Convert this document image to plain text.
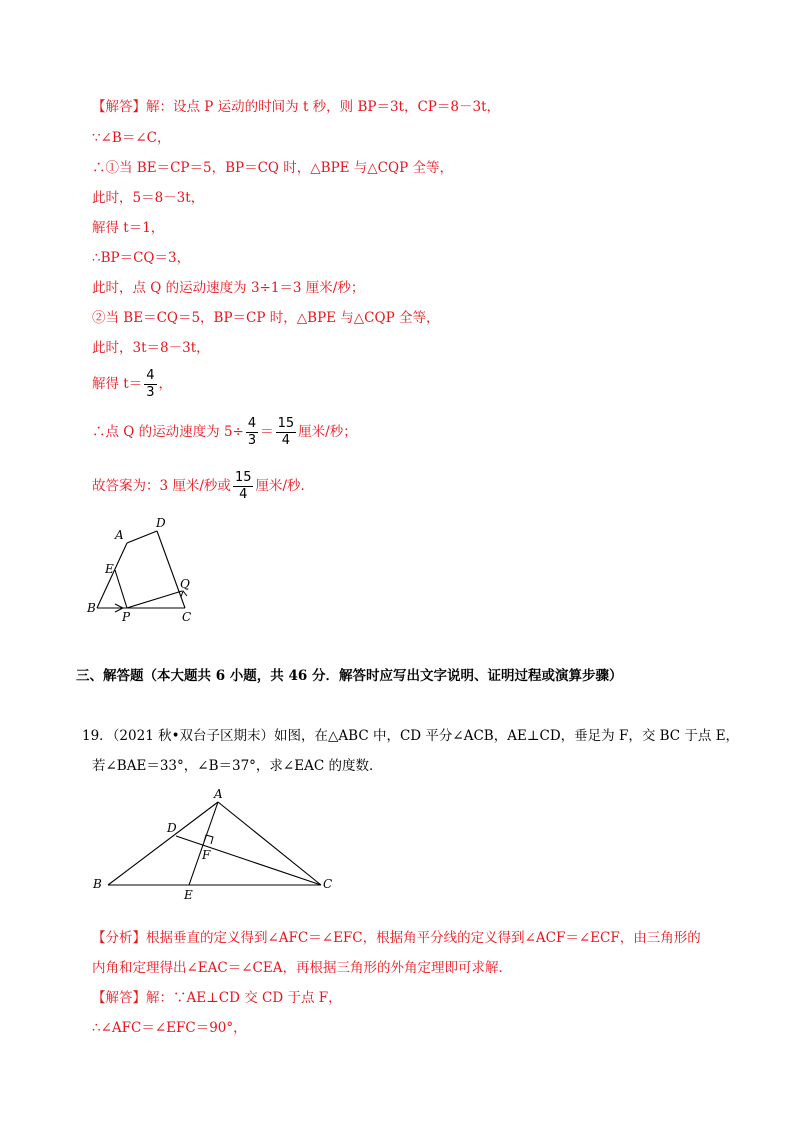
【解答】解：设点 P 运动的时间为 t 秒，则 BP＝3t，CP＝8－3t，
∵∠B＝∠C，
∴①当 BE＝CP＝5，BP＝CQ 时，△BPE 与△CQP 全等，
此时，5＝8－3t，
解得 t＝1，
∴BP＝CQ＝3，
此时，点 Q 的运动速度为 3÷1＝3 厘米/秒；
②当 BE＝CQ＝5，BP＝CP 时，△BPE 与△CQP 全等，
此时，3t＝8－3t，
解得 $t= \frac{4}{3}$ ，
∴点 Q 的运动速度为 $5\div \frac{4}{3} = \frac{15}{4}$ 厘米/秒；
故答案为：3 厘米/秒或 $\frac{15}{4}$ 厘米/秒．
A
D
E
Q
B
P	C
三、解答题（本大题共 6 小题，共 46 分．解答时应写出文字说明、证明过程或演算步骤）
19．（2021 秋•双台子区期末）如图，在△ABC 中，CD 平分∠ACB，AE⊥CD，垂足为 F，交 BC 于点 E，
若∠BAE＝33°，∠B＝37°，求∠EAC 的度数．
A
D
F
B
E
C
【分析】根据垂直的定义得到∠AFC＝∠EFC，根据角平分线的定义得到∠ACF＝∠ECF，由三角形的
内角和定理得出∠EAC＝∠CEA，再根据三角形的外角定理即可求解．
【解答】解：∵AE⊥CD 交 CD 于点 F，
∴∠AFC＝∠EFC＝90°，
